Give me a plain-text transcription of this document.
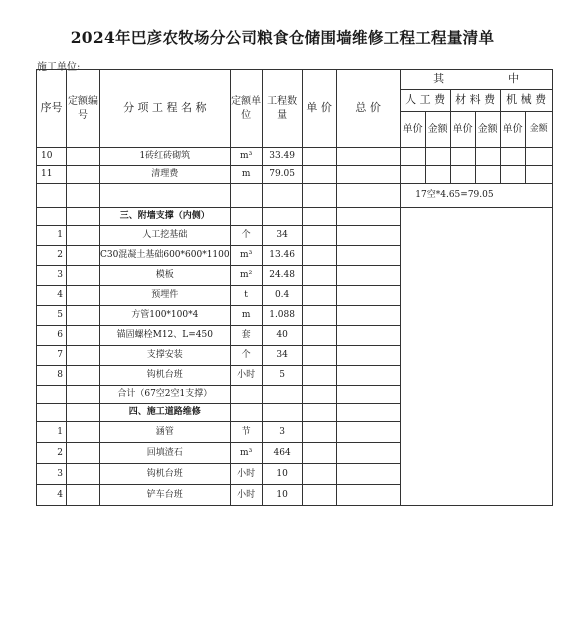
2024年巴彦农牧场分公司粮食仓储围墙维修工程工程量清单
施工单位:
序号	定额编号	分 项 工 程 名 称	定额单位	工程数量	单 价	总 价	其 中					
							人 工 费		材 料 费		机 械 费	
							单价	金额	单价	金额	单价	金额
10		1砖红砖砌筑	m³	33.49								
11		清理费	m	79.05								
							17空*4.65=79.05					
		三、附墙支撑（内侧）										
1		人工挖基础	个	34								
2		C30混凝土基础600*600*1100	m³	13.46								
3		模板	m²	24.48								
4		预埋件	t	0.4								
5		方管100*100*4	m	1.088								
6		锚固螺栓M12、L=450	套	40								
7		支撑安装	个	34								
8		钩机台班	小时	5								
		合计（67空2空1支撑）										
		四、施工道路维修										
1		涵管	节	3								
2		回填渣石	m³	464								
3		钩机台班	小时	10								
4		铲车台班	小时	10								
